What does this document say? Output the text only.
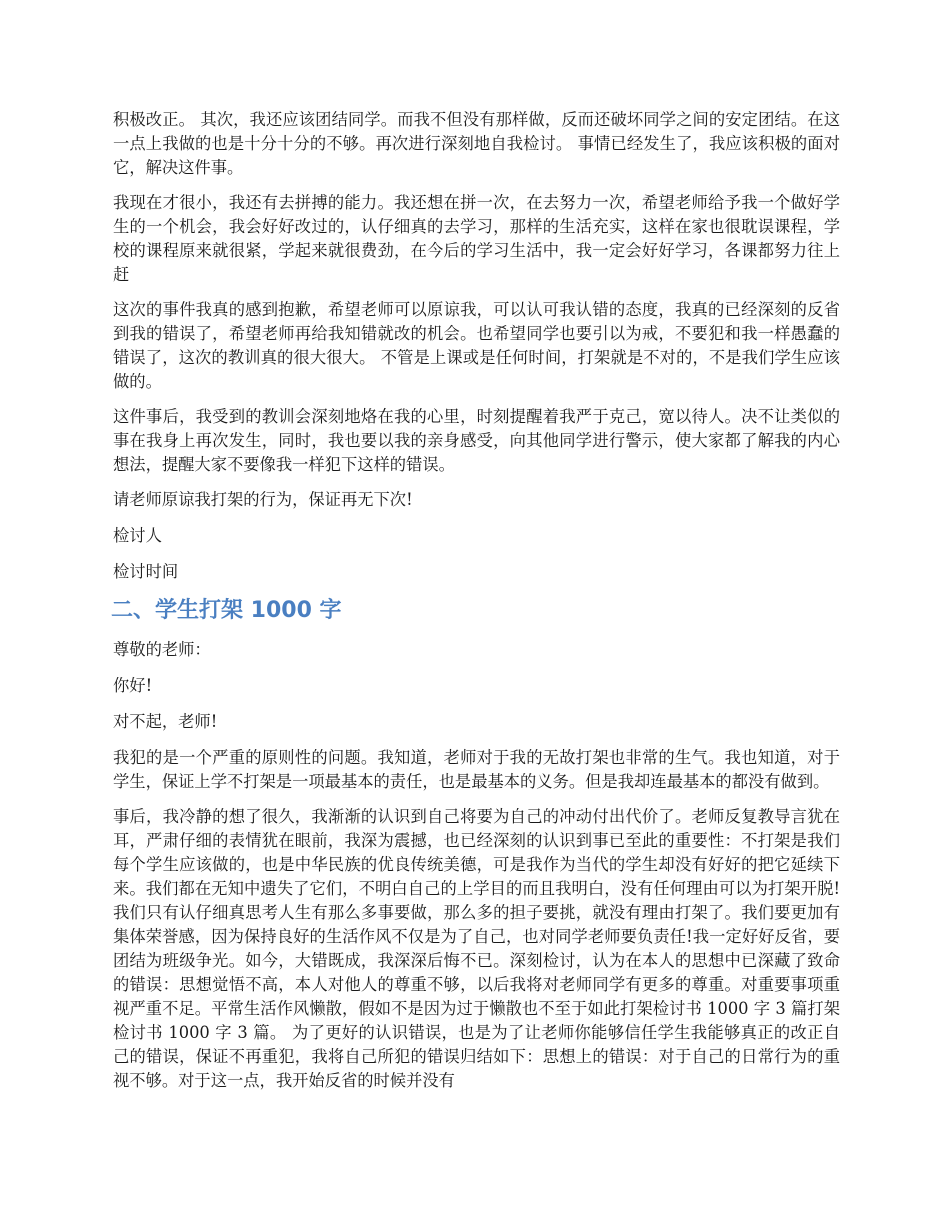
积极改正。 其次，我还应该团结同学。而我不但没有那样做，反而还破坏同学之间的安定团结。在这一点上我做的也是十分十分的不够。再次进行深刻地自我检讨。 事情已经发生了，我应该积极的面对它，解决这件事。

我现在才很小，我还有去拼搏的能力。我还想在拼一次，在去努力一次，希望老师给予我一个做好学生的一个机会，我会好好改过的，认仔细真的去学习，那样的生活充实，这样在家也很耽误课程，学校的课程原来就很紧，学起来就很费劲，在今后的学习生活中，我一定会好好学习，各课都努力往上赶

这次的事件我真的感到抱歉，希望老师可以原谅我，可以认可我认错的态度，我真的已经深刻的反省到我的错误了，希望老师再给我知错就改的机会。也希望同学也要引以为戒，不要犯和我一样愚蠢的错误了，这次的教训真的很大很大。 不管是上课或是任何时间，打架就是不对的，不是我们学生应该做的。

这件事后，我受到的教训会深刻地烙在我的心里，时刻提醒着我严于克己，宽以待人。决不让类似的事在我身上再次发生，同时，我也要以我的亲身感受，向其他同学进行警示，使大家都了解我的内心想法，提醒大家不要像我一样犯下这样的错误。

请老师原谅我打架的行为，保证再无下次!

检讨人

检讨时间

二、学生打架 1000 字

尊敬的老师：

你好!

对不起，老师!

我犯的是一个严重的原则性的问题。我知道，老师对于我的无故打架也非常的生气。我也知道，对于学生，保证上学不打架是一项最基本的责任，也是最基本的义务。但是我却连最基本的都没有做到。

事后，我冷静的想了很久，我渐渐的认识到自己将要为自己的冲动付出代价了。老师反复教导言犹在耳，严肃仔细的表情犹在眼前，我深为震撼，也已经深刻的认识到事已至此的重要性：不打架是我们每个学生应该做的，也是中华民族的优良传统美德，可是我作为当代的学生却没有好好的把它延续下来。我们都在无知中遗失了它们，不明白自己的上学目的而且我明白，没有任何理由可以为打架开脱!我们只有认仔细真思考人生有那么多事要做，那么多的担子要挑，就没有理由打架了。我们要更加有集体荣誉感，因为保持良好的生活作风不仅是为了自己，也对同学老师要负责任!我一定好好反省，要团结为班级争光。如今，大错既成，我深深后悔不已。深刻检讨，认为在本人的思想中已深藏了致命的错误：思想觉悟不高，本人对他人的尊重不够，以后我将对老师同学有更多的尊重。对重要事项重视严重不足。平常生活作风懒散，假如不是因为过于懒散也不至于如此打架检讨书 1000 字 3 篇打架检讨书 1000 字 3 篇。 为了更好的认识错误，也是为了让老师你能够信任学生我能够真正的改正自己的错误，保证不再重犯，我将自己所犯的错误归结如下：思想上的错误：对于自己的日常行为的重视不够。对于这一点，我开始反省的时候并没有
